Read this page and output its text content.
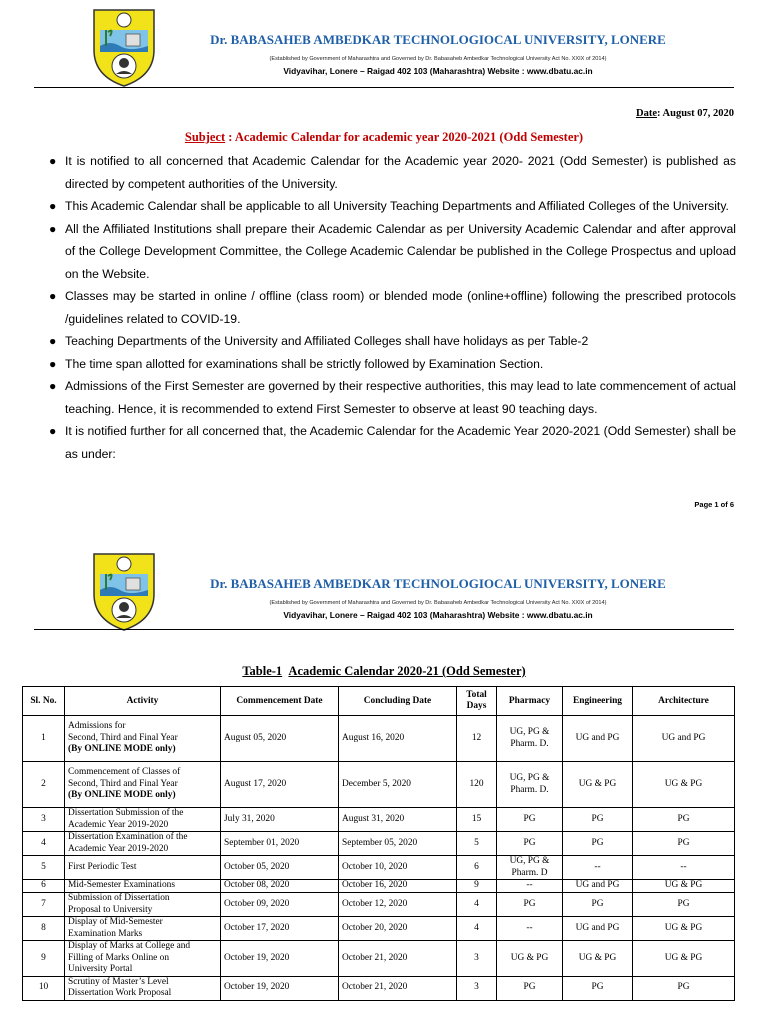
Dr. BABASAHEB AMBEDKAR TECHNOLOGIOCAL UNIVERSITY, LONERE
(Established by Government of Maharashtra and Governed by Dr. Babasaheb Ambedkar Technological University Act No. XXIX of 2014)
Vidyavihar, Lonere – Raigad 402 103 (Maharashtra) Website : www.dbatu.ac.in
Date: August 07, 2020
Subject : Academic Calendar for academic year 2020-2021 (Odd Semester)
● It is notified to all concerned that Academic Calendar for the Academic year 2020- 2021 (Odd Semester) is published as directed by competent authorities of the University.
● This Academic Calendar shall be applicable to all University Teaching Departments and Affiliated Colleges of the University.
● All the Affiliated Institutions shall prepare their Academic Calendar as per University Academic Calendar and after approval of the College Development Committee, the College Academic Calendar be published in the College Prospectus and upload on the Website.
● Classes may be started in online / offline (class room) or blended mode (online+offline) following the prescribed protocols /guidelines related to COVID-19.
● Teaching Departments of the University and Affiliated Colleges shall have holidays as per Table-2
● The time span allotted for examinations shall be strictly followed by Examination Section.
● Admissions of the First Semester are governed by their respective authorities, this may lead to late commencement of actual teaching. Hence, it is recommended to extend First Semester to observe at least 90 teaching days.
● It is notified further for all concerned that, the Academic Calendar for the Academic Year 2020-2021 (Odd Semester) shall be as under:
Page 1 of 6
Dr. BABASAHEB AMBEDKAR TECHNOLOGIOCAL UNIVERSITY, LONERE
(Established by Government of Maharashtra and Governed by Dr. Babasaheb Ambedkar Technological University Act No. XXIX of 2014)
Vidyavihar, Lonere – Raigad 402 103 (Maharashtra) Website : www.dbatu.ac.in
Table-1 Academic Calendar 2020-21 (Odd Semester)
Sl. No.	Activity	Commencement Date	Concluding Date	Total Days	Pharmacy	Engineering	Architecture
1	Admissions for
Second, Third and Final Year
(By ONLINE MODE only)	August 05, 2020	August 16, 2020	12	UG, PG & Pharm. D.	UG and PG	UG and PG
2	Commencement of Classes of
Second, Third and Final Year
(By ONLINE MODE only)	August 17, 2020	December 5, 2020	120	UG, PG & Pharm. D.	UG & PG	UG & PG
3	Dissertation Submission of the
Academic Year 2019-2020	July 31, 2020	August 31, 2020	15	PG	PG	PG
4	Dissertation Examination of the
Academic Year 2019-2020	September 01, 2020	September 05, 2020	5	PG	PG	PG
5	First Periodic Test	October 05, 2020	October 10, 2020	6	UG, PG & Pharm. D	--	--
6	Mid-Semester Examinations	October 08, 2020	October 16, 2020	9	--	UG and PG	UG & PG
7	Submission of Dissertation
Proposal to University	October 09, 2020	October 12, 2020	4	PG	PG	PG
8	Display of Mid-Semester
Examination Marks	October 17, 2020	October 20, 2020	4	--	UG and PG	UG & PG
9	Display of Marks at College and
Filling of Marks Online on
University Portal	October 19, 2020	October 21, 2020	3	UG & PG	UG & PG	UG & PG
10	Scrutiny of Master’s Level
Dissertation Work Proposal	October 19, 2020	October 21, 2020	3	PG	PG	PG
